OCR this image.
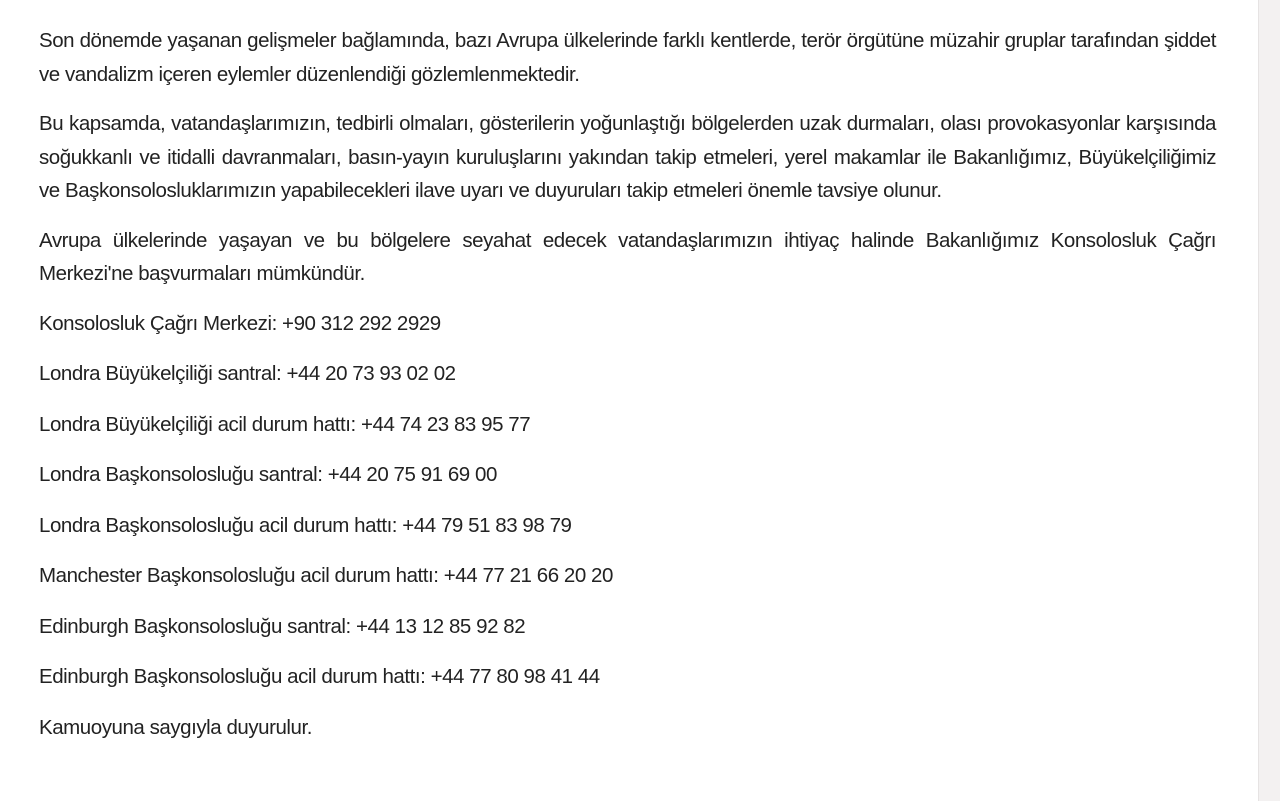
Son dönemde yaşanan gelişmeler bağlamında, bazı Avrupa ülkelerinde farklı kentlerde, terör örgütüne müzahir gruplar tarafından şiddet ve vandalizm içeren eylemler düzenlendiği gözlemlenmektedir.

Bu kapsamda, vatandaşlarımızın, tedbirli olmaları, gösterilerin yoğunlaştığı bölgelerden uzak durmaları, olası provokasyonlar karşısında soğukkanlı ve itidalli davranmaları, basın-yayın kuruluşlarını yakından takip etmeleri, yerel makamlar ile Bakanlığımız, Büyükelçiliğimiz ve Başkonsolosluklarımızın yapabilecekleri ilave uyarı ve duyuruları takip etmeleri önemle tavsiye olunur.

Avrupa ülkelerinde yaşayan ve bu bölgelere seyahat edecek vatandaşlarımızın ihtiyaç halinde Bakanlığımız Konsolosluk Çağrı Merkezi'ne başvurmaları mümkündür.

Konsolosluk Çağrı Merkezi: +90 312 292 2929

Londra Büyükelçiliği santral: +44 20 73 93 02 02

Londra Büyükelçiliği acil durum hattı: +44 74 23 83 95 77

Londra Başkonsolosluğu santral: +44 20 75 91 69 00

Londra Başkonsolosluğu acil durum hattı: +44 79 51 83 98 79

Manchester Başkonsolosluğu acil durum hattı: +44 77 21 66 20 20

Edinburgh Başkonsolosluğu santral: +44 13 12 85 92 82

Edinburgh Başkonsolosluğu acil durum hattı: +44 77 80 98 41 44

Kamuoyuna saygıyla duyurulur.
